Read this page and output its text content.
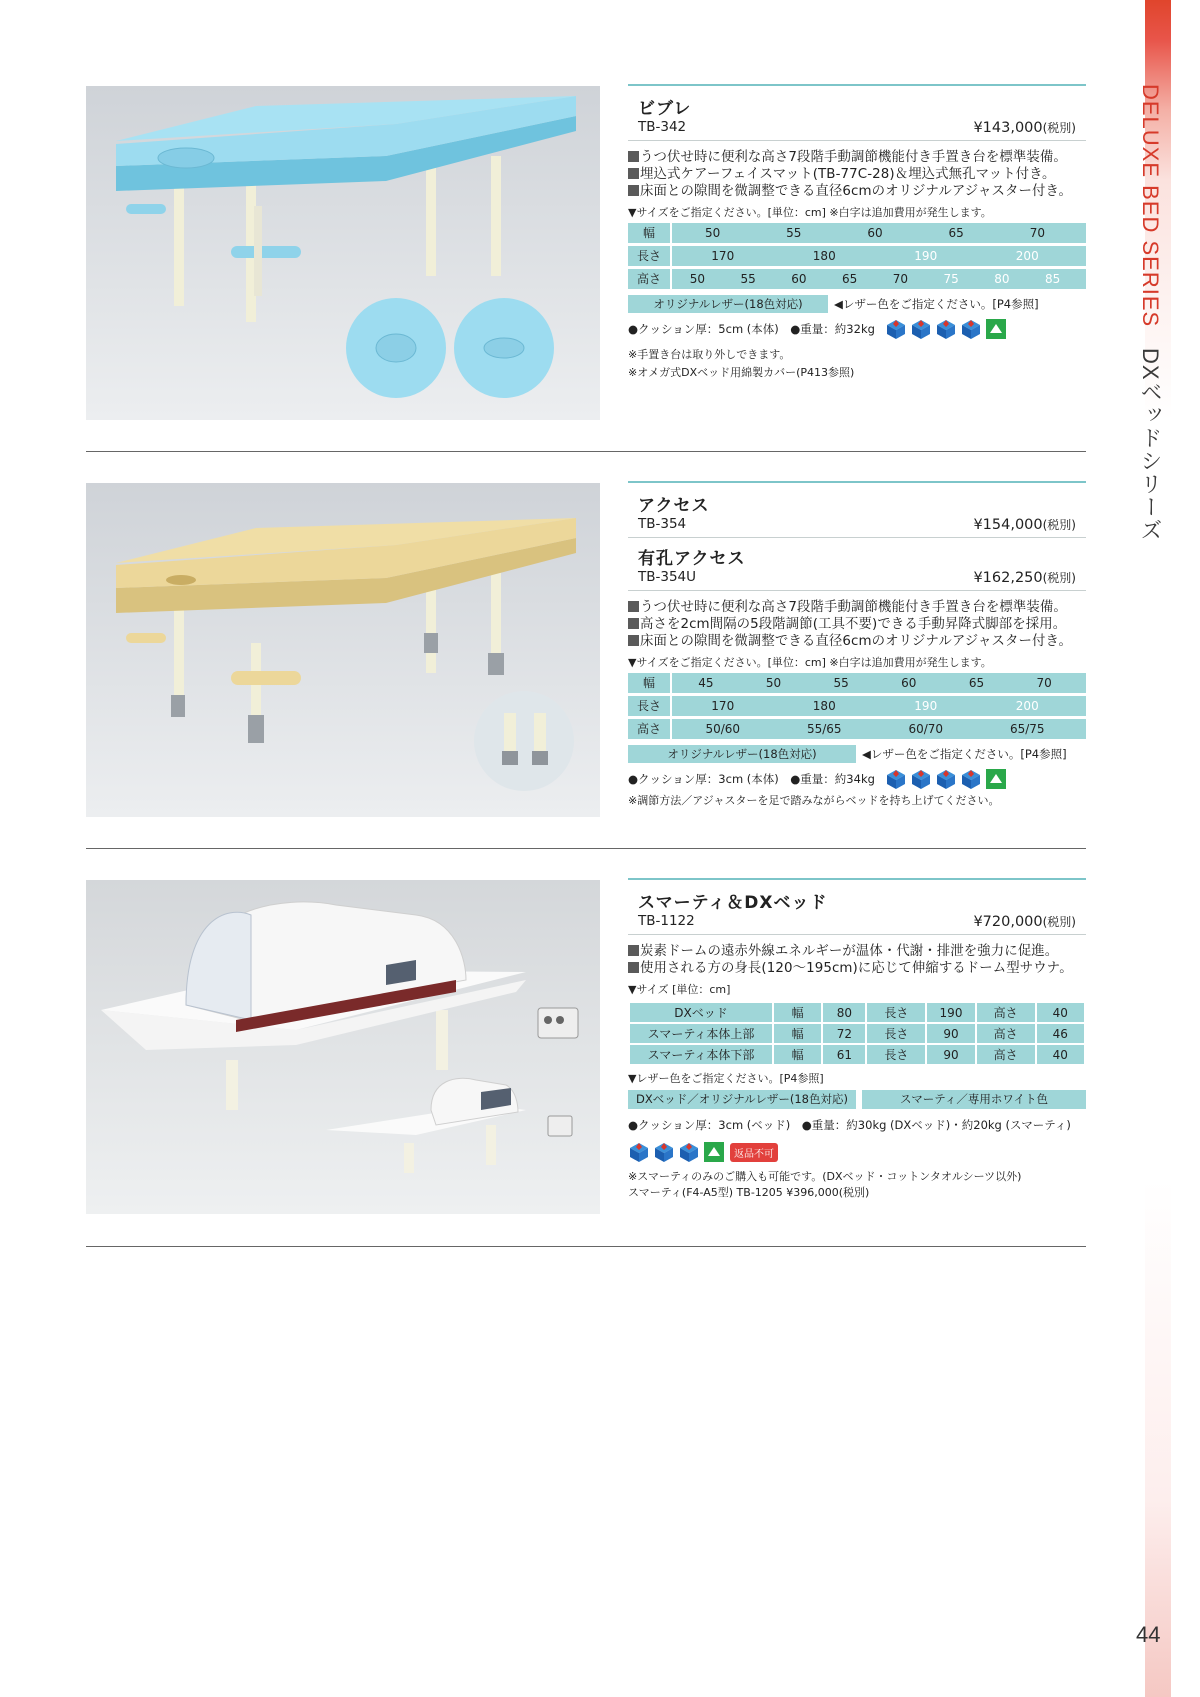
DELUXE BED SERIES DXベッドシリーズ
44
ビブレ
TB-342	¥143,000(税別)
うつ伏せ時に便利な高さ7段階手動調節機能付き手置き台を標準装備。
埋込式ケアーフェイスマット(TB-77C-28)＆埋込式無孔マット付き。
床面との隙間を微調整できる直径6cmのオリジナルアジャスター付き。
▼サイズをご指定ください。[単位：cm] ※白字は追加費用が発生します。
幅	50	55	60	65	70
長さ	170	180	190	200
高さ	50	55	60	65	70	75	80	85
オリジナルレザー(18色対応)	◀レザー色をご指定ください。[P4参照]
●クッション厚：5cm (本体)　●重量：約32kg
※手置き台は取り外しできます。
※オメガ式DXベッド用綿製カバー(P413参照)
アクセス
TB-354	¥154,000(税別)
有孔アクセス
TB-354U	¥162,250(税別)
うつ伏せ時に便利な高さ7段階手動調節機能付き手置き台を標準装備。
高さを2cm間隔の5段階調節(工具不要)できる手動昇降式脚部を採用。
床面との隙間を微調整できる直径6cmのオリジナルアジャスター付き。
▼サイズをご指定ください。[単位：cm] ※白字は追加費用が発生します。
幅	45	50	55	60	65	70
長さ	170	180	190	200
高さ	50/60	55/65	60/70	65/75
オリジナルレザー(18色対応)	◀レザー色をご指定ください。[P4参照]
●クッション厚：3cm (本体)　●重量：約34kg
※調節方法／アジャスターを足で踏みながらベッドを持ち上げてください。
スマーティ＆DXベッド
TB-1122	¥720,000(税別)
炭素ドームの遠赤外線エネルギーが温体・代謝・排泄を強力に促進。
使用される方の身長(120〜195cm)に応じて伸縮するドーム型サウナ。
▼サイズ [単位：cm]
DXベッド	幅	80	長さ	190	高さ	40
スマーティ本体上部	幅	72	長さ	90	高さ	46
スマーティ本体下部	幅	61	長さ	90	高さ	40
▼レザー色をご指定ください。[P4参照]
DXベッド／オリジナルレザー(18色対応)	スマーティ／専用ホワイト色
●クッション厚：3cm (ベッド)　●重量：約30kg (DXベッド)・約20kg (スマーティ)
返品不可
※スマーティのみのご購入も可能です。(DXベッド・コットンタオルシーツ以外)
スマーティ(F4-A5型) TB-1205 ¥396,000(税別)
